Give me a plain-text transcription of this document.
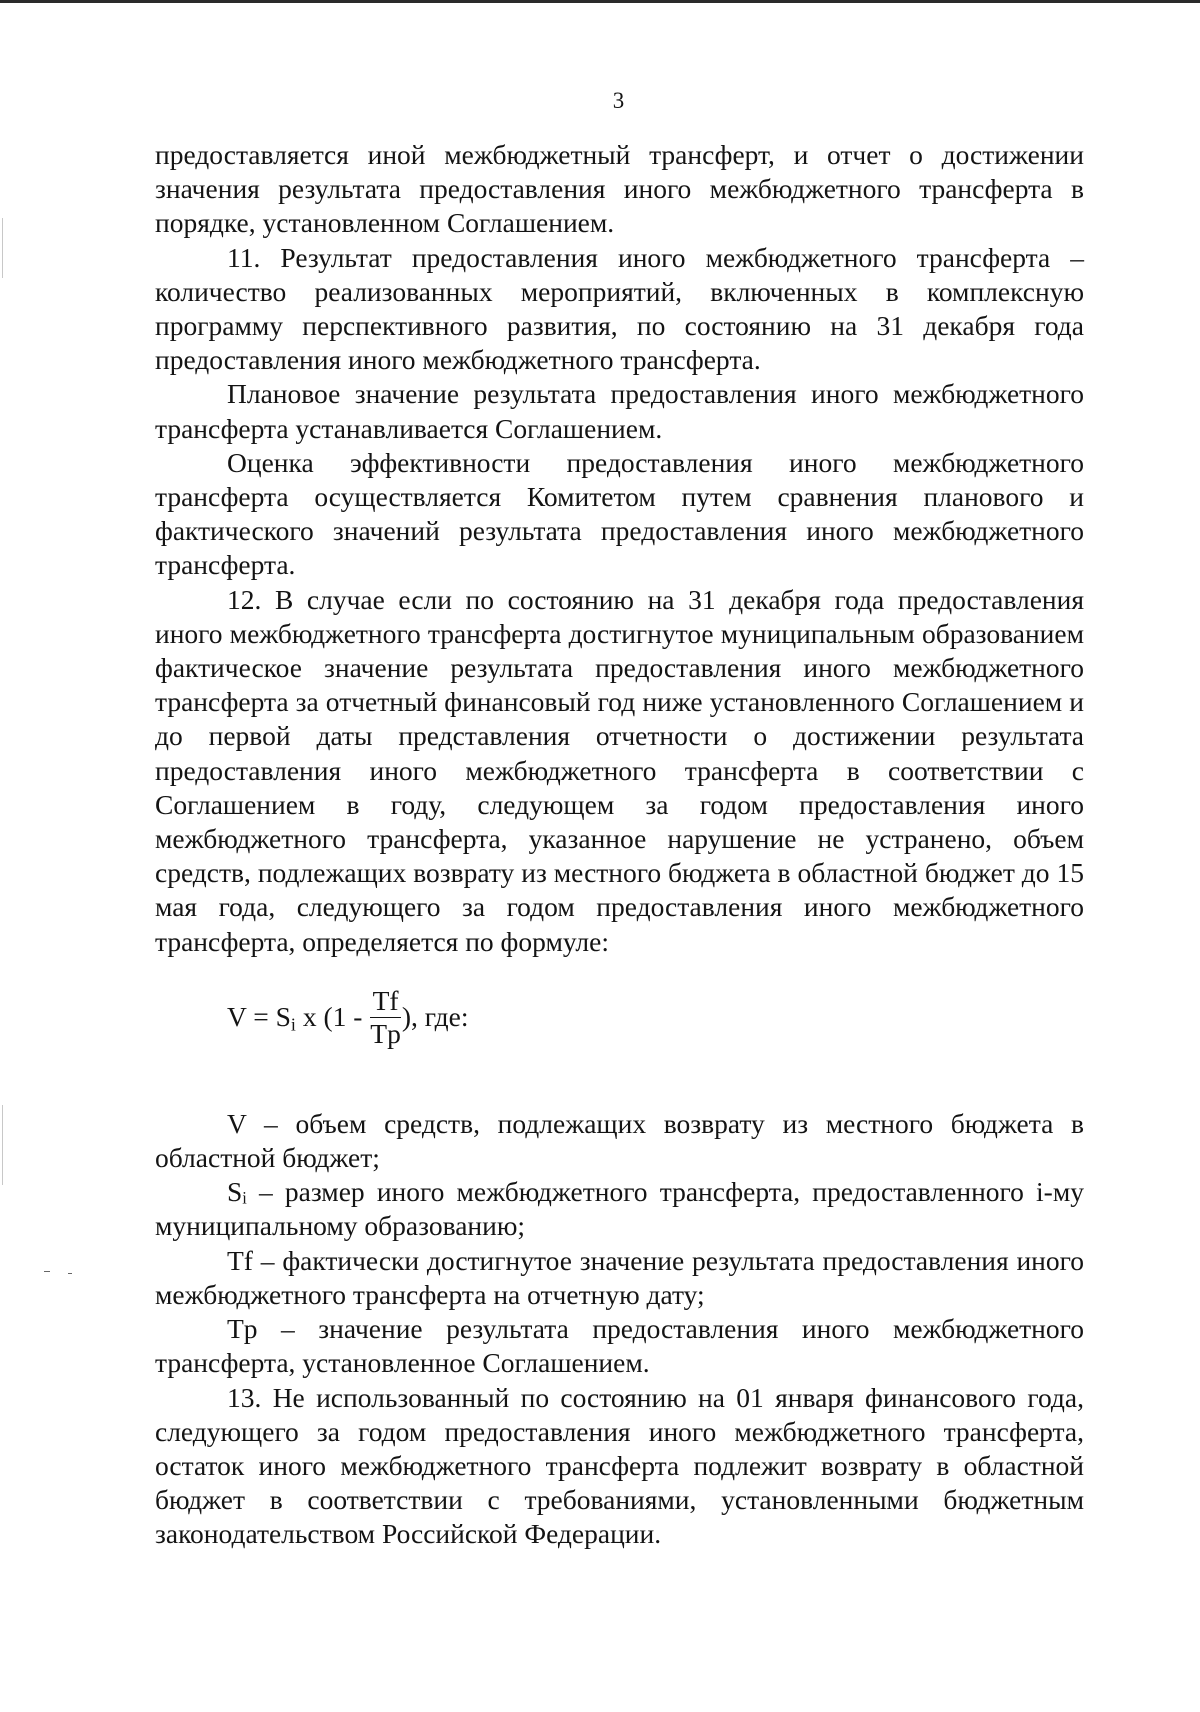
3

предоставляется иной межбюджетный трансферт, и отчет о достижении значения результата предоставления иного межбюджетного трансферта в порядке, установленном Соглашением.

11. Результат предоставления иного межбюджетного трансферта – количество реализованных мероприятий, включенных в комплексную программу перспективного развития, по состоянию на 31 декабря года предоставления иного межбюджетного трансферта.

Плановое значение результата предоставления иного межбюджетного трансферта устанавливается Соглашением.

Оценка эффективности предоставления иного межбюджетного трансферта осуществляется Комитетом путем сравнения планового и фактического значений результата предоставления иного межбюджетного трансферта.

12. В случае если по состоянию на 31 декабря года предоставления иного межбюджетного трансферта достигнутое муниципальным образованием фактическое значение результата предоставления иного межбюджетного трансферта за отчетный финансовый год ниже установленного Соглашением и до первой даты представления отчетности о достижении результата предоставления иного межбюджетного трансферта в соответствии с Соглашением в году, следующем за годом предоставления иного межбюджетного трансферта, указанное нарушение не устранено, объем средств, подлежащих возврату из местного бюджета в областной бюджет до 15 мая года, следующего за годом предоставления иного межбюджетного трансферта, определяется по формуле:

$V = S_i$ x ($1 - \frac{Tf}{Tp}$ ), где:

V – объем средств, подлежащих возврату из местного бюджета в областной бюджет;

Sᵢ – размер иного межбюджетного трансферта, предоставленного i-му муниципальному образованию;

Tf – фактически достигнутое значение результата предоставления иного межбюджетного трансферта на отчетную дату;

Tp – значение результата предоставления иного межбюджетного трансферта, установленное Соглашением.

13. Не использованный по состоянию на 01 января финансового года, следующего за годом предоставления иного межбюджетного трансферта, остаток иного межбюджетного трансферта подлежит возврату в областной бюджет в соответствии с требованиями, установленными бюджетным законодательством Российской Федерации.
